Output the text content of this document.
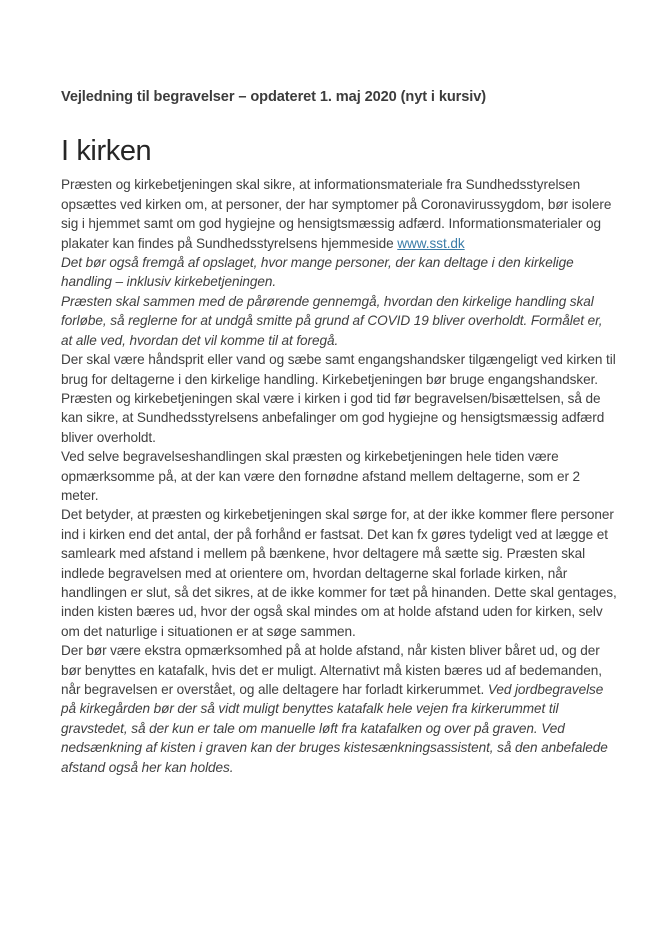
Vejledning til begravelser – opdateret 1. maj 2020 (nyt i kursiv)

I kirken

Præsten og kirkebetjeningen skal sikre, at informationsmateriale fra Sundhedsstyrelsen opsættes ved kirken om, at personer, der har symptomer på Coronavirussygdom, bør isolere sig i hjemmet samt om god hygiejne og hensigtsmæssig adfærd. Informationsmaterialer og plakater kan findes på Sundhedsstyrelsens hjemmeside www.sst.dk

Det bør også fremgå af opslaget, hvor mange personer, der kan deltage i den kirkelige handling – inklusiv kirkebetjeningen.

Præsten skal sammen med de pårørende gennemgå, hvordan den kirkelige handling skal forløbe, så reglerne for at undgå smitte på grund af COVID 19 bliver overholdt. Formålet er, at alle ved, hvordan det vil komme til at foregå.

Der skal være håndsprit eller vand og sæbe samt engangshandsker tilgængeligt ved kirken til brug for deltagerne i den kirkelige handling. Kirkebetjeningen bør bruge engangshandsker.

Præsten og kirkebetjeningen skal være i kirken i god tid før begravelsen/bisættelsen, så de kan sikre, at Sundhedsstyrelsens anbefalinger om god hygiejne og hensigtsmæssig adfærd bliver overholdt.

Ved selve begravelseshandlingen skal præsten og kirkebetjeningen hele tiden være opmærksomme på, at der kan være den fornødne afstand mellem deltagerne, som er 2 meter.

Det betyder, at præsten og kirkebetjeningen skal sørge for, at der ikke kommer flere personer ind i kirken end det antal, der på forhånd er fastsat. Det kan fx gøres tydeligt ved at lægge et samleark med afstand i mellem på bænkene, hvor deltagere må sætte sig. Præsten skal indlede begravelsen med at orientere om, hvordan deltagerne skal forlade kirken, når handlingen er slut, så det sikres, at de ikke kommer for tæt på hinanden. Dette skal gentages, inden kisten bæres ud, hvor der også skal mindes om at holde afstand uden for kirken, selv om det naturlige i situationen er at søge sammen.

Der bør være ekstra opmærksomhed på at holde afstand, når kisten bliver båret ud, og der bør benyttes en katafalk, hvis det er muligt. Alternativt må kisten bæres ud af bedemanden, når begravelsen er overstået, og alle deltagere har forladt kirkerummet. Ved jordbegravelse på kirkegården bør der så vidt muligt benyttes katafalk hele vejen fra kirkerummet til gravstedet, så der kun er tale om manuelle løft fra katafalken og over på graven. Ved nedsænkning af kisten i graven kan der bruges kistesænkningsassistent, så den anbefalede afstand også her kan holdes.
